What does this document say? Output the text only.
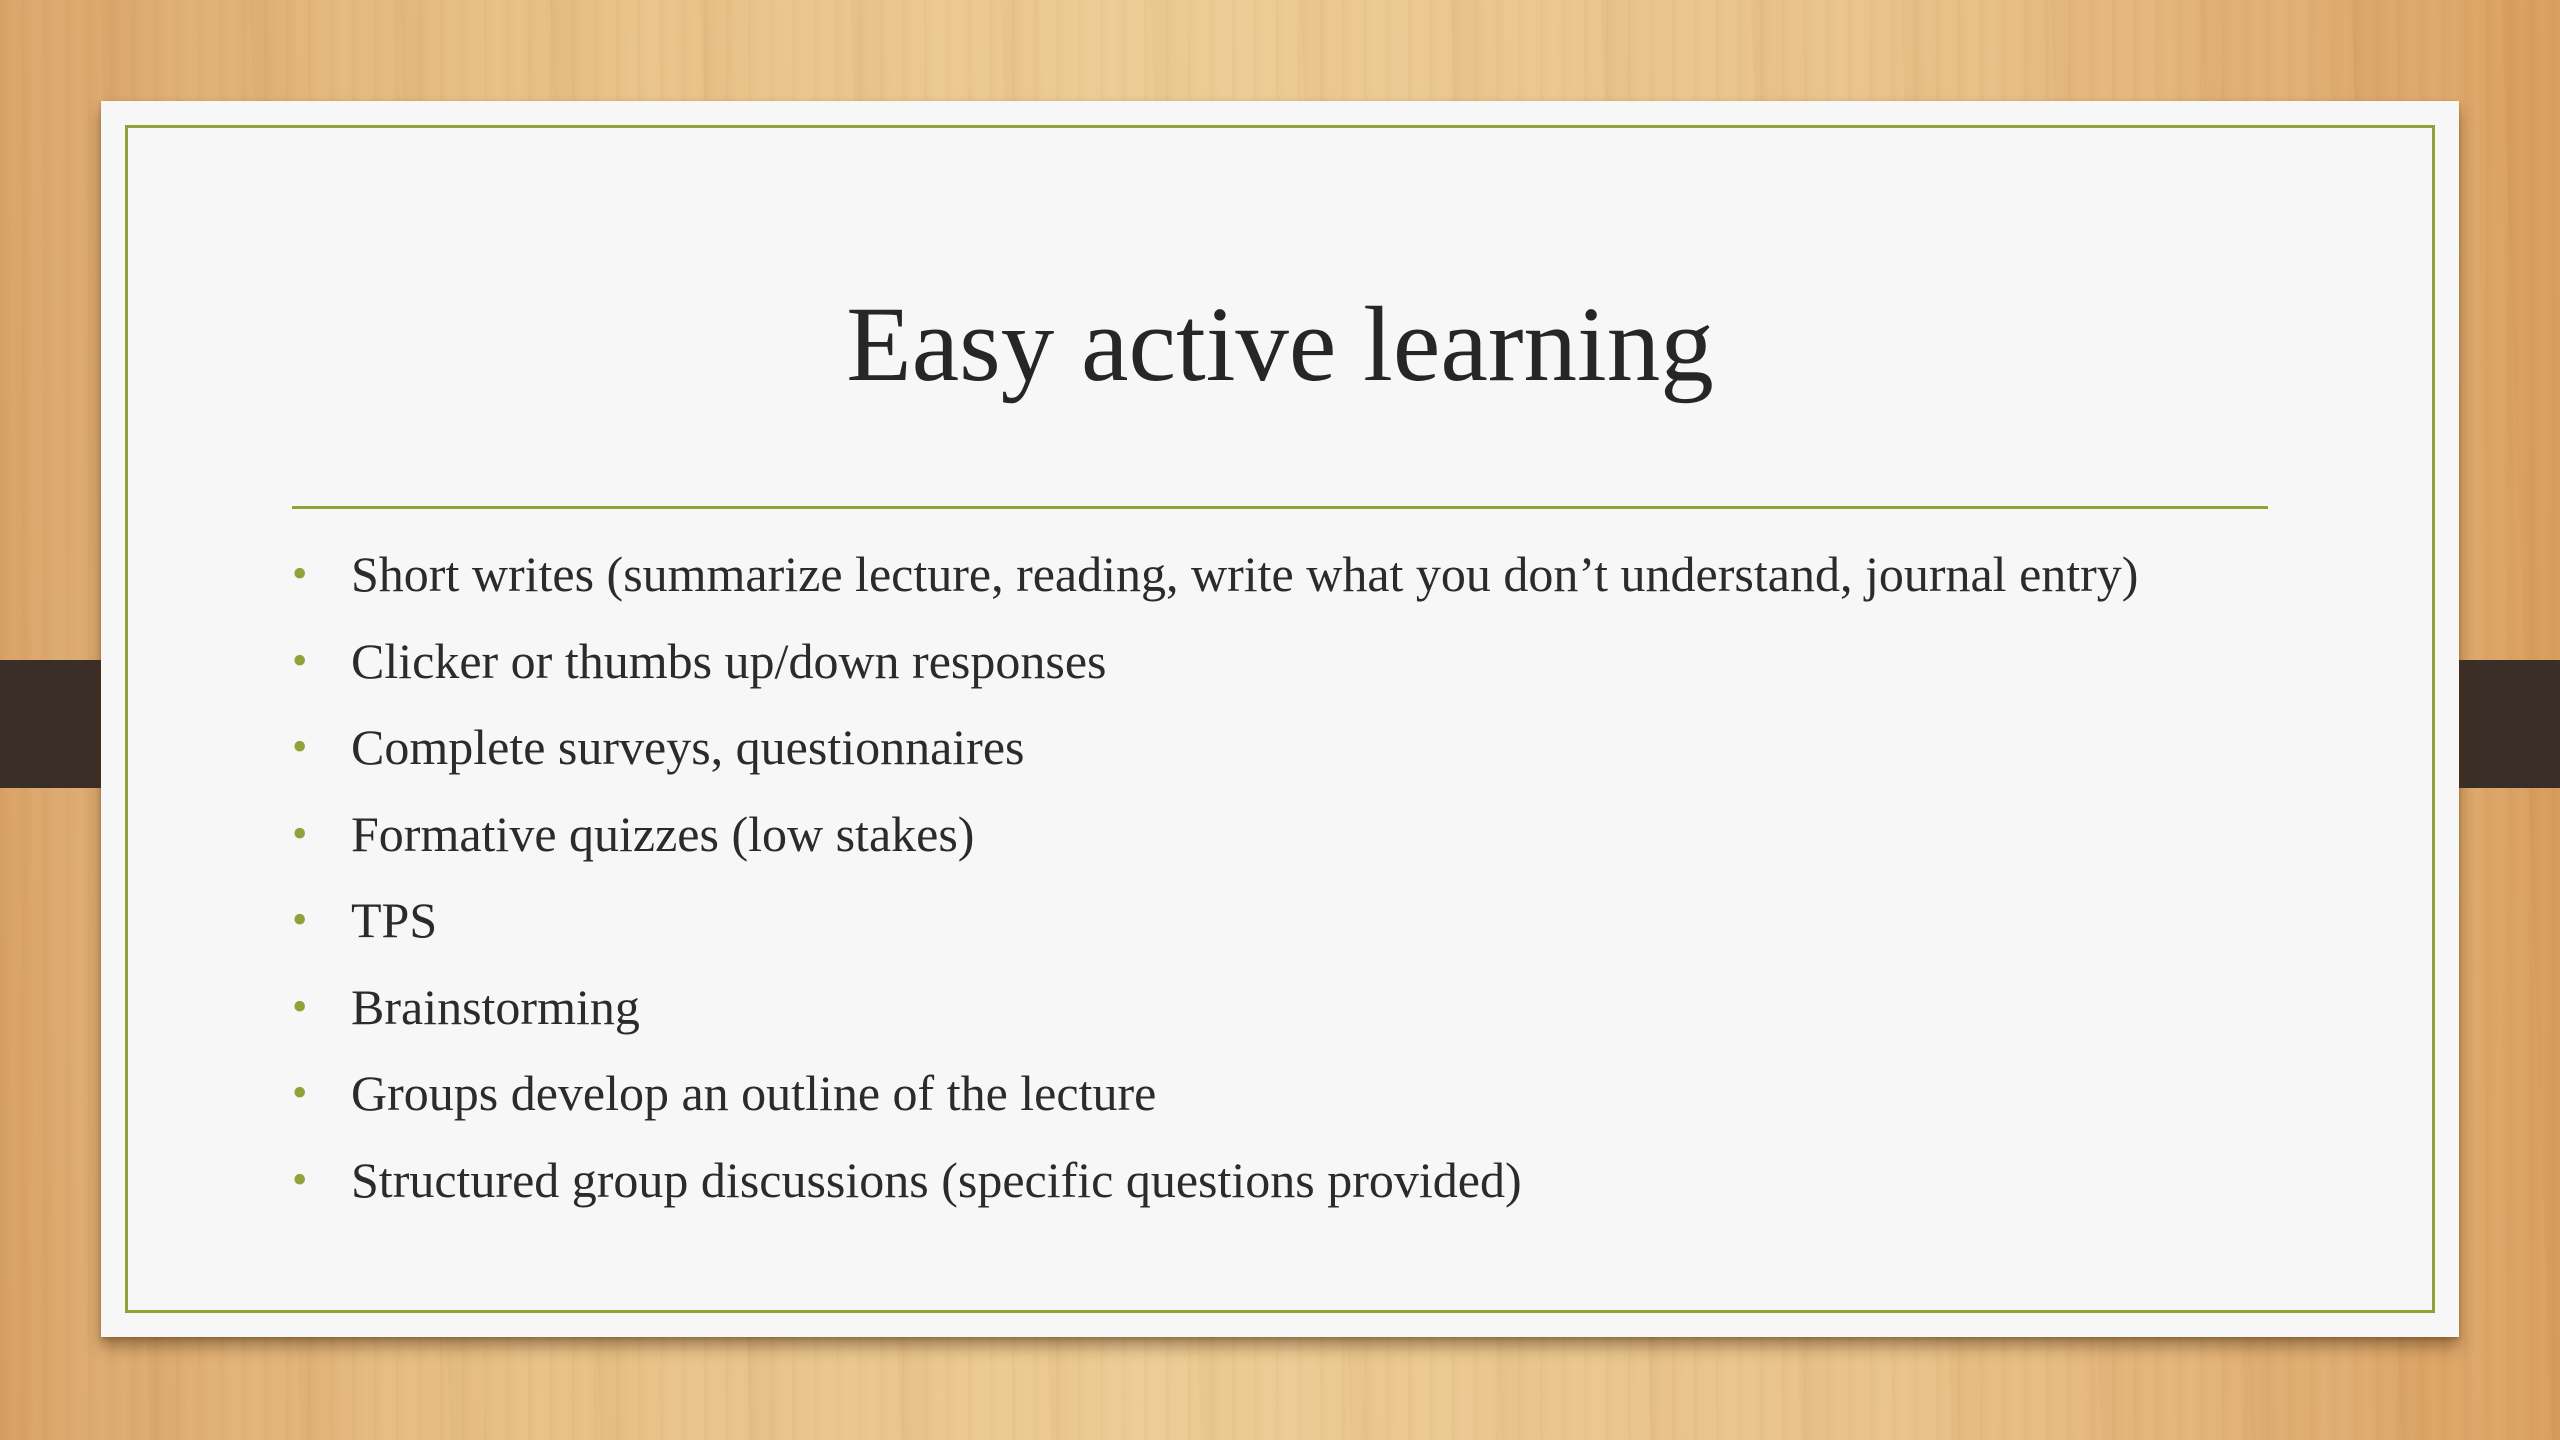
Easy active learning
• Short writes (summarize lecture, reading, write what you don’t understand, journal entry)
• Clicker or thumbs up/down responses
• Complete surveys, questionnaires
• Formative quizzes (low stakes)
• TPS
• Brainstorming
• Groups develop an outline of the lecture
• Structured group discussions (specific questions provided)
